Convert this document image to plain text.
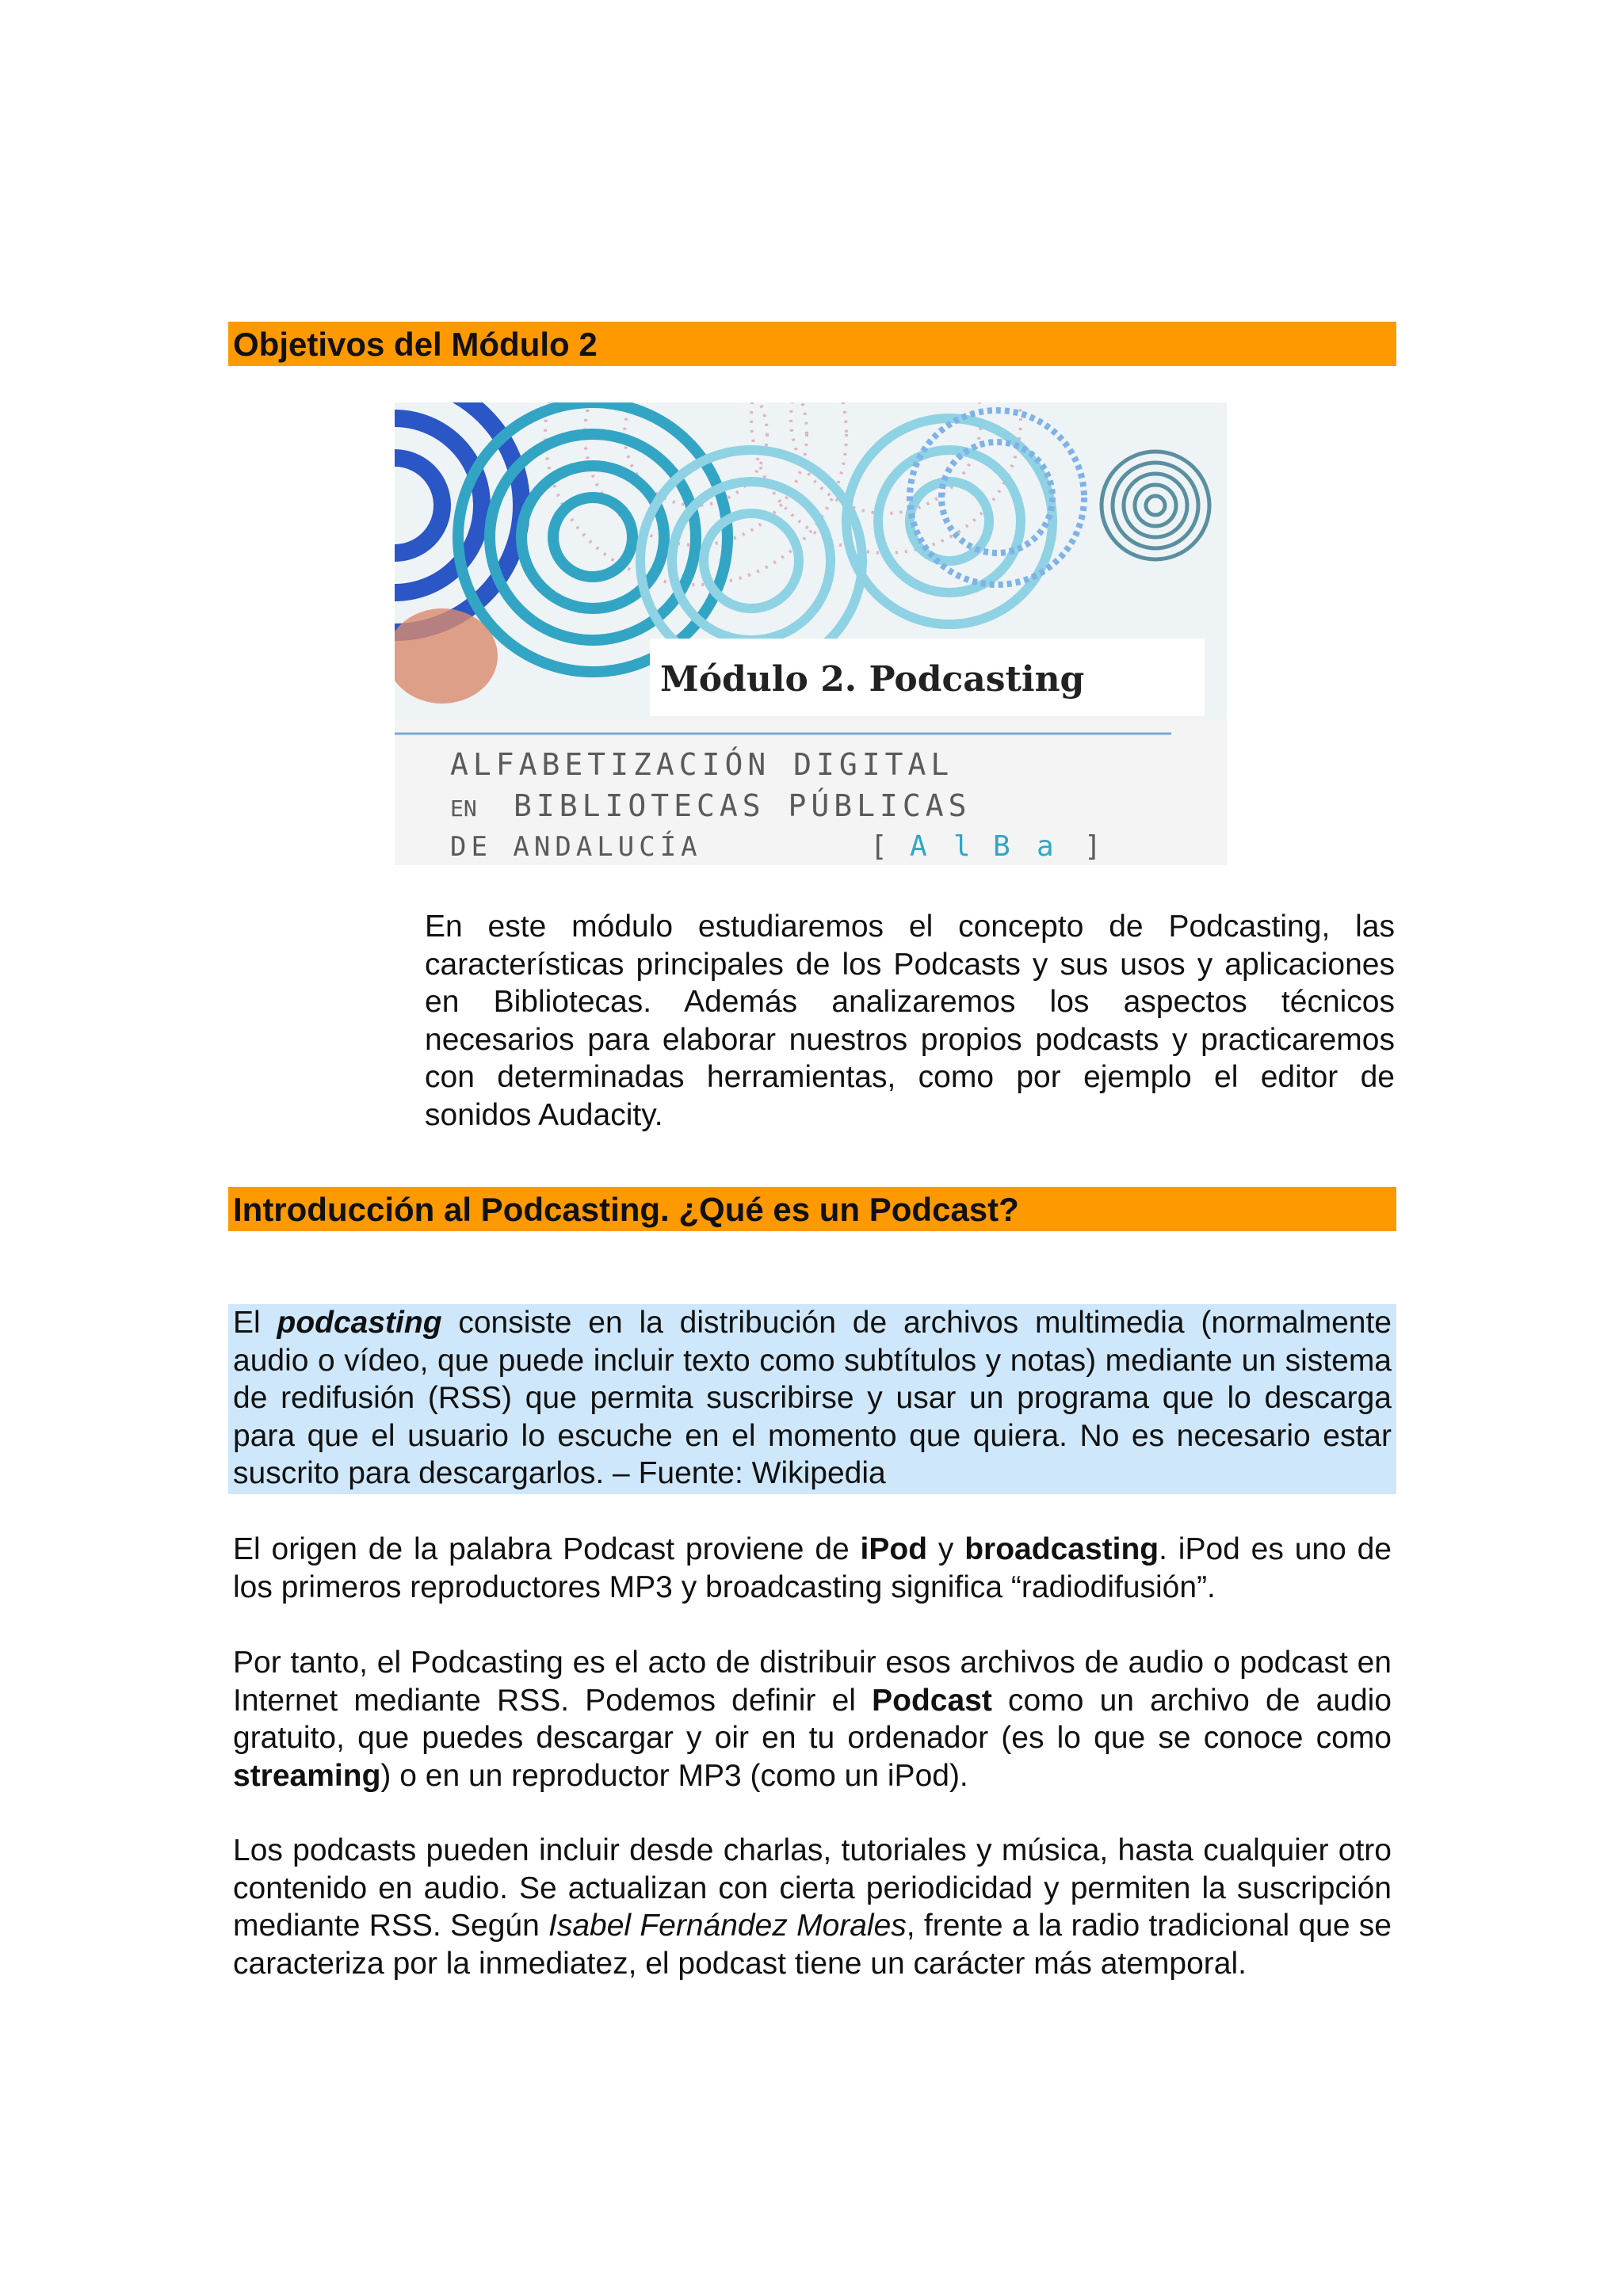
Objetivos del Módulo 2
Módulo 2. Podcasting
ALFABETIZACIÓN DIGITAL
EN BIBLIOTECAS PÚBLICAS
DE ANDALUCÍA	[ A l B a ]

En este módulo estudiaremos el concepto de Podcasting, las características principales de los Podcasts y sus usos y aplicaciones en Bibliotecas. Además analizaremos los aspectos técnicos necesarios para elaborar nuestros propios podcasts y practicaremos con determinadas herramientas, como por ejemplo el editor de sonidos Audacity.

Introducción al Podcasting. ¿Qué es un Podcast?

El podcasting consiste en la distribución de archivos multimedia (normalmente audio o vídeo, que puede incluir texto como subtítulos y notas) mediante un sistema de redifusión (RSS) que permita suscribirse y usar un programa que lo descarga para que el usuario lo escuche en el momento que quiera. No es necesario estar suscrito para descargarlos. – Fuente: Wikipedia

El origen de la palabra Podcast proviene de iPod y broadcasting. iPod es uno de los primeros reproductores MP3 y broadcasting significa “radiodifusión”.

Por tanto, el Podcasting es el acto de distribuir esos archivos de audio o podcast en Internet mediante RSS. Podemos definir el Podcast como un archivo de audio gratuito, que puedes descargar y oir en tu ordenador (es lo que se conoce como streaming) o en un reproductor MP3 (como un iPod).

Los podcasts pueden incluir desde charlas, tutoriales y música, hasta cualquier otro contenido en audio. Se actualizan con cierta periodicidad y permiten la suscripción mediante RSS. Según Isabel Fernández Morales, frente a la radio tradicional que se caracteriza por la inmediatez, el podcast tiene un carácter más atemporal.
